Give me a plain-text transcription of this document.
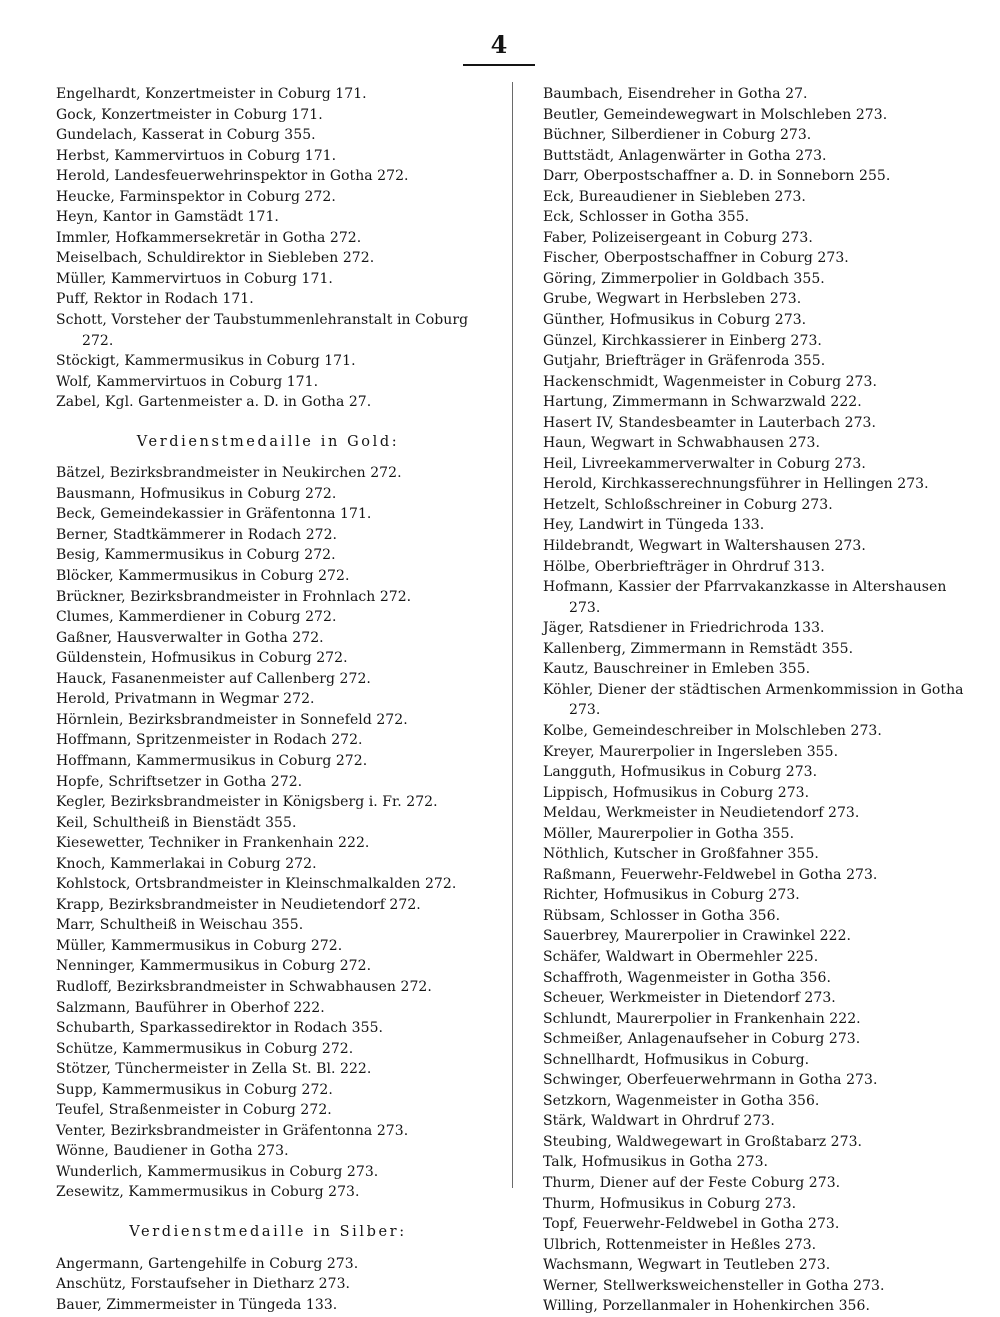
4
Engelhardt, Konzertmeister in Coburg 171.
Gock, Konzertmeister in Coburg 171.
Gundelach, Kasserat in Coburg 355.
Herbst, Kammervirtuos in Coburg 171.
Herold, Landesfeuerwehrinspektor in Gotha 272.
Heucke, Farminspektor in Coburg 272.
Heyn, Kantor in Gamstädt 171.
Immler, Hofkammersekretär in Gotha 272.
Meiselbach, Schuldirektor in Siebleben 272.
Müller, Kammervirtuos in Coburg 171.
Puff, Rektor in Rodach 171.
Schott, Vorsteher der Taubstummenlehranstalt in Coburg 272.
Stöckigt, Kammermusikus in Coburg 171.
Wolf, Kammervirtuos in Coburg 171.
Zabel, Kgl. Gartenmeister a. D. in Gotha 27.
Verdienstmedaille in Gold:
Bätzel, Bezirksbrandmeister in Neukirchen 272.
Bausmann, Hofmusikus in Coburg 272.
Beck, Gemeindekassier in Gräfentonna 171.
Berner, Stadtkämmerer in Rodach 272.
Besig, Kammermusikus in Coburg 272.
Blöcker, Kammermusikus in Coburg 272.
Brückner, Bezirksbrandmeister in Frohnlach 272.
Clumes, Kammerdiener in Coburg 272.
Gaßner, Hausverwalter in Gotha 272.
Güldenstein, Hofmusikus in Coburg 272.
Hauck, Fasanenmeister auf Callenberg 272.
Herold, Privatmann in Wegmar 272.
Hörnlein, Bezirksbrandmeister in Sonnefeld 272.
Hoffmann, Spritzenmeister in Rodach 272.
Hoffmann, Kammermusikus in Coburg 272.
Hopfe, Schriftsetzer in Gotha 272.
Kegler, Bezirksbrandmeister in Königsberg i. Fr. 272.
Keil, Schultheiß in Bienstädt 355.
Kiesewetter, Techniker in Frankenhain 222.
Knoch, Kammerlakai in Coburg 272.
Kohlstock, Ortsbrandmeister in Kleinschmalkalden 272.
Krapp, Bezirksbrandmeister in Neudietendorf 272.
Marr, Schultheiß in Weischau 355.
Müller, Kammermusikus in Coburg 272.
Nenninger, Kammermusikus in Coburg 272.
Rudloff, Bezirksbrandmeister in Schwabhausen 272.
Salzmann, Bauführer in Oberhof 222.
Schubarth, Sparkassedirektor in Rodach 355.
Schütze, Kammermusikus in Coburg 272.
Stötzer, Tünchermeister in Zella St. Bl. 222.
Supp, Kammermusikus in Coburg 272.
Teufel, Straßenmeister in Coburg 272.
Venter, Bezirksbrandmeister in Gräfentonna 273.
Wönne, Baudiener in Gotha 273.
Wunderlich, Kammermusikus in Coburg 273.
Zesewitz, Kammermusikus in Coburg 273.
Verdienstmedaille in Silber:
Angermann, Gartengehilfe in Coburg 273.
Anschütz, Forstaufseher in Dietharz 273.
Bauer, Zimmermeister in Tüngeda 133.
Baumbach, Eisendreher in Gotha 27.
Beutler, Gemeindewegwart in Molschleben 273.
Büchner, Silberdiener in Coburg 273.
Buttstädt, Anlagenwärter in Gotha 273.
Darr, Oberpostschaffner a. D. in Sonneborn 255.
Eck, Bureaudiener in Siebleben 273.
Eck, Schlosser in Gotha 355.
Faber, Polizeisergeant in Coburg 273.
Fischer, Oberpostschaffner in Coburg 273.
Göring, Zimmerpolier in Goldbach 355.
Grube, Wegwart in Herbsleben 273.
Günther, Hofmusikus in Coburg 273.
Günzel, Kirchkassierer in Einberg 273.
Gutjahr, Briefträger in Gräfenroda 355.
Hackenschmidt, Wagenmeister in Coburg 273.
Hartung, Zimmermann in Schwarzwald 222.
Hasert IV, Standesbeamter in Lauterbach 273.
Haun, Wegwart in Schwabhausen 273.
Heil, Livreekammerverwalter in Coburg 273.
Herold, Kirchkasserechnungsführer in Hellingen 273.
Hetzelt, Schloßschreiner in Coburg 273.
Hey, Landwirt in Tüngeda 133.
Hildebrandt, Wegwart in Waltershausen 273.
Hölbe, Oberbriefträger in Ohrdruf 313.
Hofmann, Kassier der Pfarrvakanzkasse in Altershausen 273.
Jäger, Ratsdiener in Friedrichroda 133.
Kallenberg, Zimmermann in Remstädt 355.
Kautz, Bauschreiner in Emleben 355.
Köhler, Diener der städtischen Armenkommission in Gotha 273.
Kolbe, Gemeindeschreiber in Molschleben 273.
Kreyer, Maurerpolier in Ingersleben 355.
Langguth, Hofmusikus in Coburg 273.
Lippisch, Hofmusikus in Coburg 273.
Meldau, Werkmeister in Neudietendorf 273.
Möller, Maurerpolier in Gotha 355.
Nöthlich, Kutscher in Großfahner 355.
Raßmann, Feuerwehr-Feldwebel in Gotha 273.
Richter, Hofmusikus in Coburg 273.
Rübsam, Schlosser in Gotha 356.
Sauerbrey, Maurerpolier in Crawinkel 222.
Schäfer, Waldwart in Obermehler 225.
Schaffroth, Wagenmeister in Gotha 356.
Scheuer, Werkmeister in Dietendorf 273.
Schlundt, Maurerpolier in Frankenhain 222.
Schmeißer, Anlagenaufseher in Coburg 273.
Schnellhardt, Hofmusikus in Coburg.
Schwinger, Oberfeuerwehrmann in Gotha 273.
Setzkorn, Wagenmeister in Gotha 356.
Stärk, Waldwart in Ohrdruf 273.
Steubing, Waldwegewart in Großtabarz 273.
Talk, Hofmusikus in Gotha 273.
Thurm, Diener auf der Feste Coburg 273.
Thurm, Hofmusikus in Coburg 273.
Topf, Feuerwehr-Feldwebel in Gotha 273.
Ulbrich, Rottenmeister in Heßles 273.
Wachsmann, Wegwart in Teutleben 273.
Werner, Stellwerksweichensteller in Gotha 273.
Willing, Porzellanmaler in Hohenkirchen 356.
